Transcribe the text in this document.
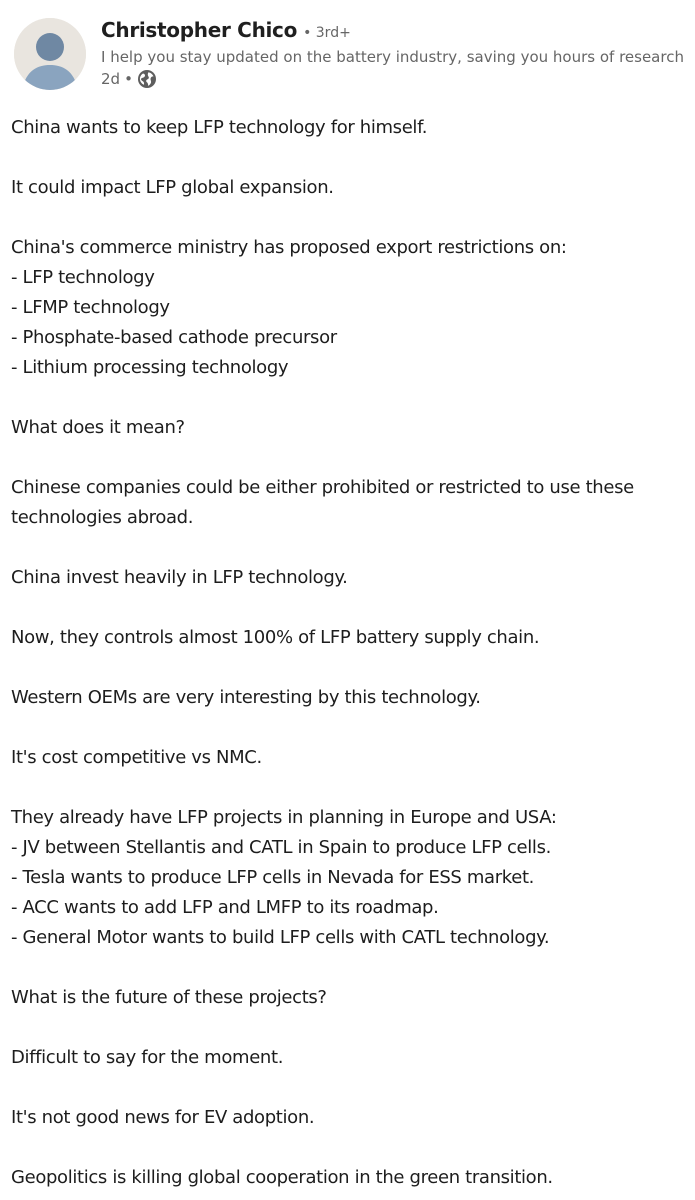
Christopher Chico • 3rd+
I help you stay updated on the battery industry, saving you hours of research
2d •
China wants to keep LFP technology for himself.
It could impact LFP global expansion.
China's commerce ministry has proposed export restrictions on:
- LFP technology
- LFMP technology
- Phosphate-based cathode precursor
- Lithium processing technology
What does it mean?
Chinese companies could be either prohibited or restricted to use these
technologies abroad.
China invest heavily in LFP technology.
Now, they controls almost 100% of LFP battery supply chain.
Western OEMs are very interesting by this technology.
It's cost competitive vs NMC.
They already have LFP projects in planning in Europe and USA:
- JV between Stellantis and CATL in Spain to produce LFP cells.
- Tesla wants to produce LFP cells in Nevada for ESS market.
- ACC wants to add LFP and LMFP to its roadmap.
- General Motor wants to build LFP cells with CATL technology.
What is the future of these projects?
Difficult to say for the moment.
It's not good news for EV adoption.
Geopolitics is killing global cooperation in the green transition.
